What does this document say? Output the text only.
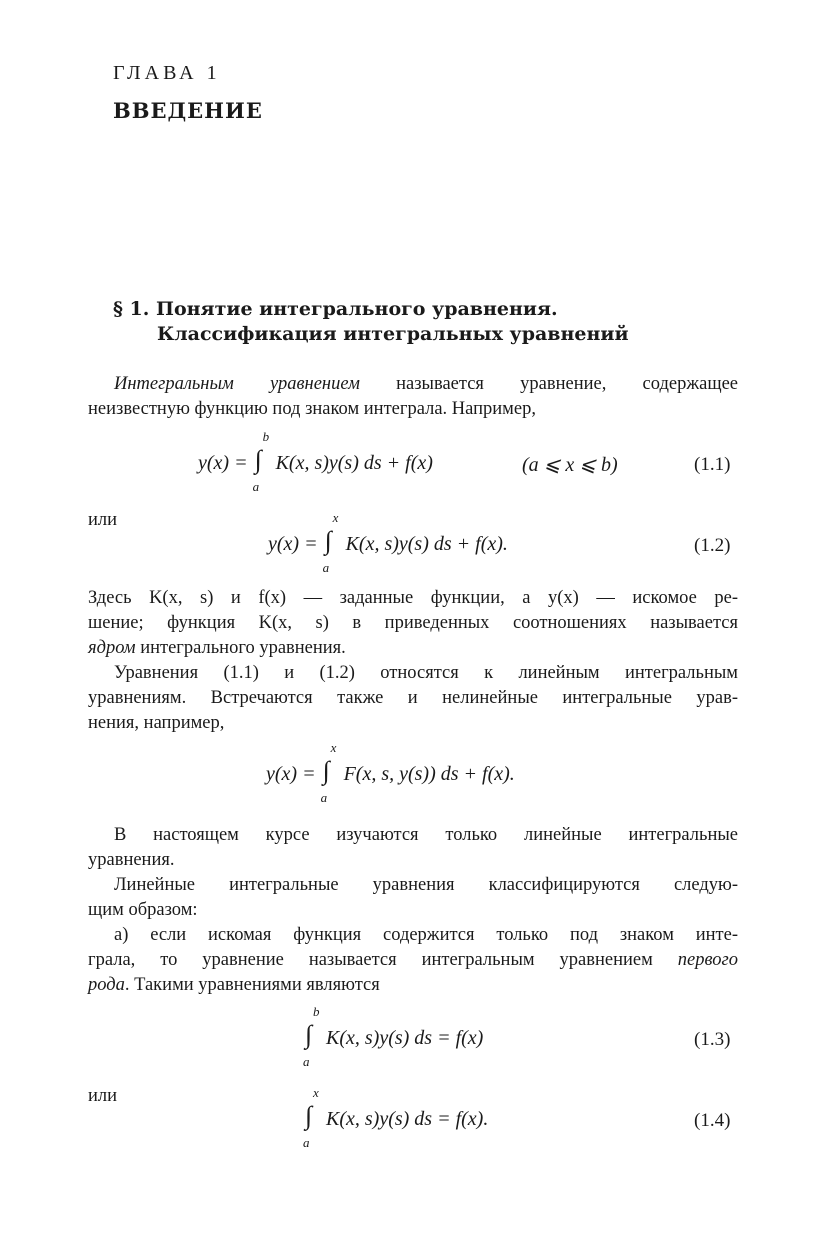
ГЛАВА 1
ВВЕДЕНИЕ
§ 1. Понятие интегрального уравнения.
Классификация интегральных уравнений
Интегральным уравнением называется уравнение, содержащее
неизвестную функцию под знаком интеграла. Например,
y(x) = ∫
b
a
K(x, s)y(s) ds + f(x)	(a ⩽ x ⩽ b)	(1.1)
или
y(x) = ∫
x
a
K(x, s)y(s) ds + f(x).	(1.2)
Здесь K(x, s) и f(x) — заданные функции, а y(x) — искомое ре-
шение; функция K(x, s) в приведенных соотношениях называется
ядром интегрального уравнения.
Уравнения (1.1) и (1.2) относятся к линейным интегральным
уравнениям. Встречаются также и нелинейные интегральные урав-
нения, например,
y(x) = ∫
x
a
F(x, s, y(s)) ds + f(x).
В настоящем курсе изучаются только линейные интегральные
уравнения.
Линейные интегральные уравнения классифицируются следую-
щим образом:
а) если искомая функция содержится только под знаком инте-
грала, то уравнение называется интегральным уравнением первого
рода. Такими уравнениями являются
∫
b
a
K(x, s)y(s) ds = f(x)	(1.3)
или
∫
x
a
K(x, s)y(s) ds = f(x).	(1.4)
